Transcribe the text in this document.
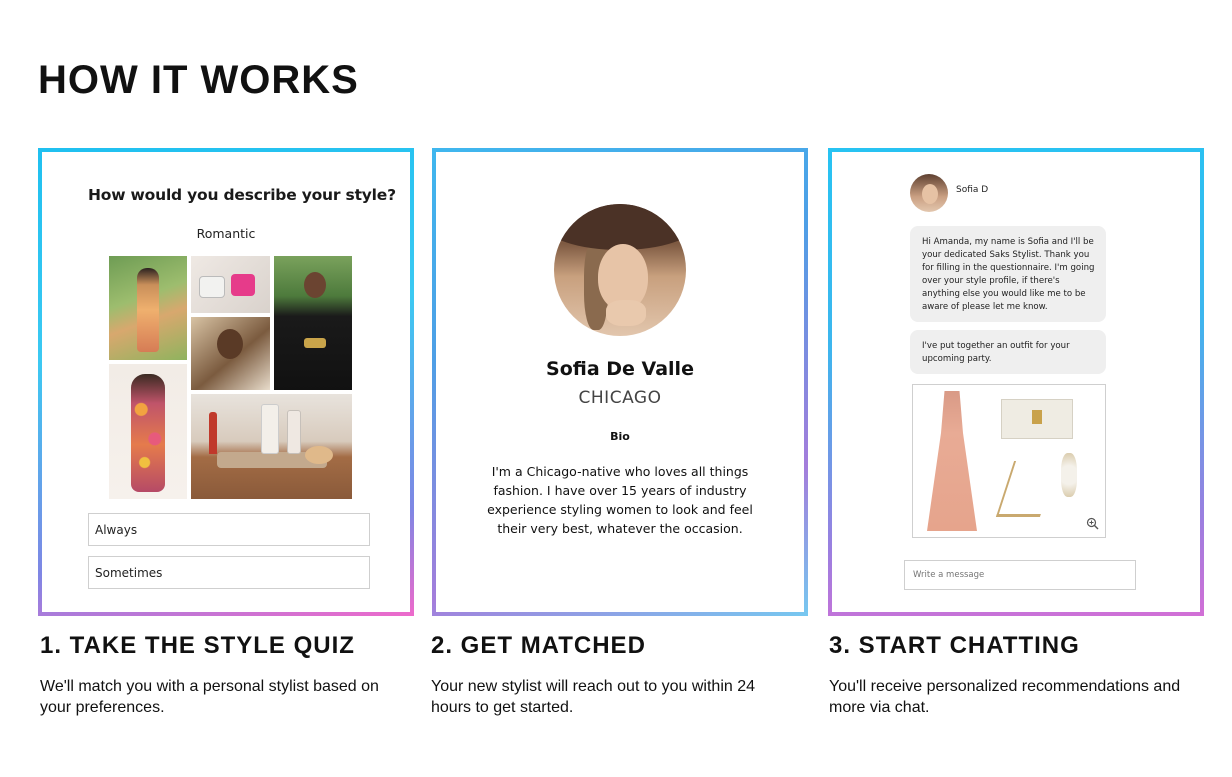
HOW IT WORKS
How would you describe your style?
Romantic
Always
Sometimes
Sofia De Valle
CHICAGO
Bio
I'm a Chicago-native who loves all things fashion. I have over 15 years of industry experience styling women to look and feel their very best, whatever the occasion.
Sofia D
Hi Amanda, my name is Sofia and I'll be your dedicated Saks Stylist. Thank you for filling in the questionnaire. I'm going over your style profile, if there's anything else you would like me to be aware of please let me know.
I've put together an outfit for your upcoming party.
Write a message
1. TAKE THE STYLE QUIZ
We'll match you with a personal stylist based on your preferences.
2. GET MATCHED
Your new stylist will reach out to you within 24 hours to get started.
3. START CHATTING
You'll receive personalized recommendations and more via chat.
